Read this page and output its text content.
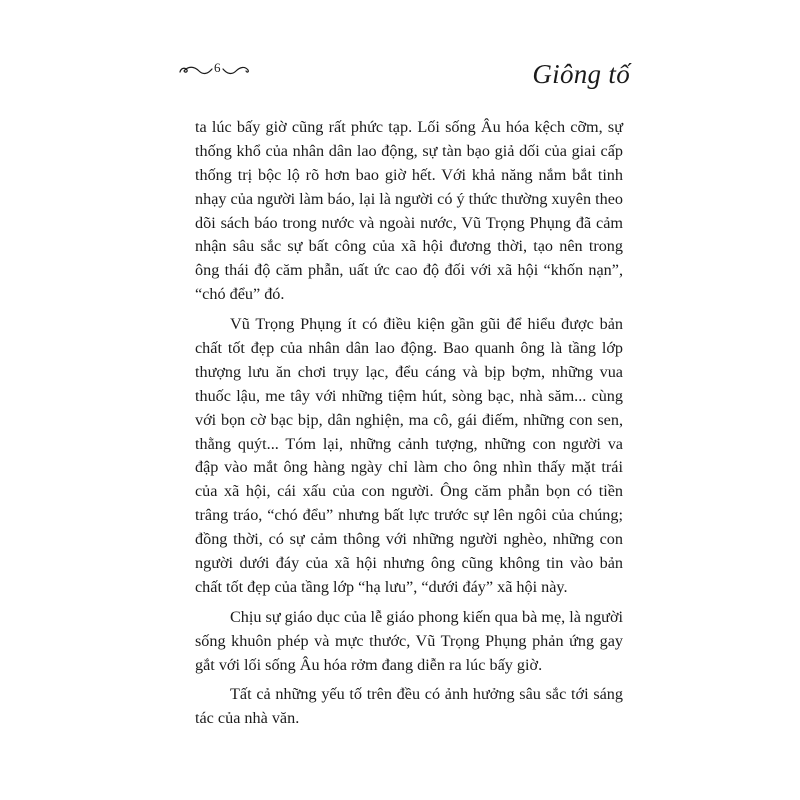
6	Giông tố
ta lúc bấy giờ cũng rất phức tạp. Lối sống Âu hóa kệch cỡm, sự
thống khổ của nhân dân lao động, sự tàn bạo giả dối của giai cấp
thống trị bộc lộ rõ hơn bao giờ hết. Với khả năng nắm bắt tinh
nhạy của người làm báo, lại là người có ý thức thường xuyên theo
dõi sách báo trong nước và ngoài nước, Vũ Trọng Phụng đã cảm
nhận sâu sắc sự bất công của xã hội đương thời, tạo nên trong
ông thái độ căm phẫn, uất ức cao độ đối với xã hội “khốn nạn”,
“chó đểu” đó.
Vũ Trọng Phụng ít có điều kiện gần gũi để hiểu được bản
chất tốt đẹp của nhân dân lao động. Bao quanh ông là tầng lớp
thượng lưu ăn chơi trụy lạc, đểu cáng và bịp bợm, những vua
thuốc lậu, me tây với những tiệm hút, sòng bạc, nhà săm... cùng
với bọn cờ bạc bịp, dân nghiện, ma cô, gái điếm, những con sen,
thằng quýt... Tóm lại, những cảnh tượng, những con người va
đập vào mắt ông hàng ngày chỉ làm cho ông nhìn thấy mặt trái
của xã hội, cái xấu của con người. Ông căm phẫn bọn có tiền
trâng tráo, “chó đểu” nhưng bất lực trước sự lên ngôi của chúng;
đồng thời, có sự cảm thông với những người nghèo, những con
người dưới đáy của xã hội nhưng ông cũng không tin vào bản
chất tốt đẹp của tầng lớp “hạ lưu”, “dưới đáy” xã hội này.
Chịu sự giáo dục của lễ giáo phong kiến qua bà mẹ, là người
sống khuôn phép và mực thước, Vũ Trọng Phụng phản ứng gay
gắt với lối sống Âu hóa rởm đang diễn ra lúc bấy giờ.
Tất cả những yếu tố trên đều có ảnh hưởng sâu sắc tới sáng
tác của nhà văn.
